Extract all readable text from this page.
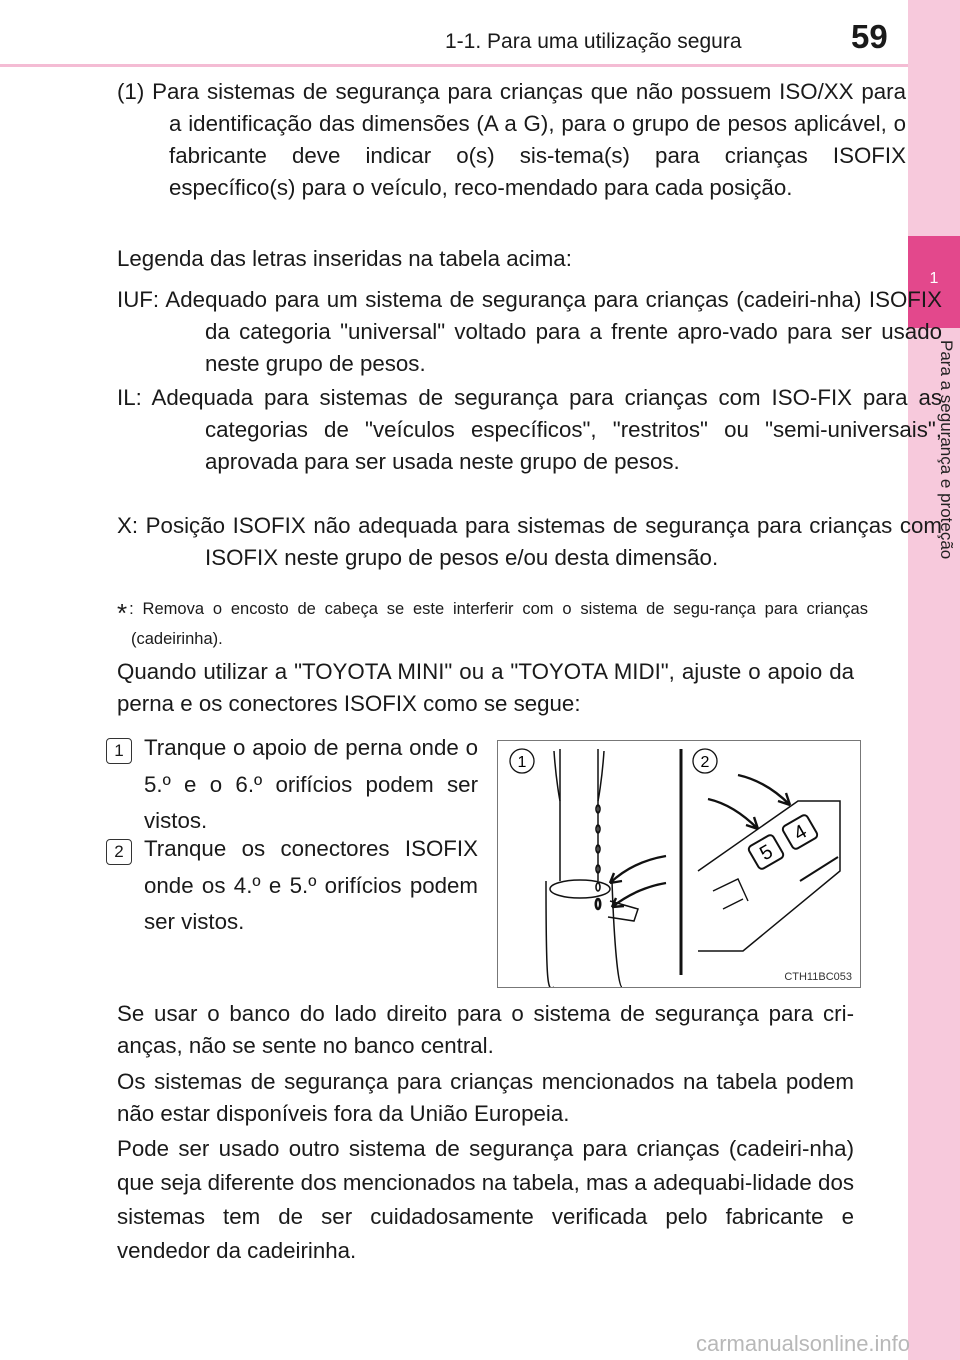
1-1. Para uma utilização segura	59
1
Para a segurança e proteção
(1) Para sistemas de segurança para crianças que não possuem ISO/XX para a identificação das dimensões (A a G), para o grupo de pesos aplicável, o fabricante deve indicar o(s) sis-tema(s) para crianças ISOFIX específico(s) para o veículo, reco-mendado para cada posição.
Legenda das letras inseridas na tabela acima:
IUF: Adequado para um sistema de segurança para crianças (cadeiri-nha) ISOFIX da categoria "universal" voltado para a frente apro-vado para ser usado neste grupo de pesos.
IL: Adequada para sistemas de segurança para crianças com ISO-FIX para as categorias de "veículos específicos", "restritos" ou "semi-universais", aprovada para ser usada neste grupo de pesos.
X: Posição ISOFIX não adequada para sistemas de segurança para crianças com ISOFIX neste grupo de pesos e/ou desta dimensão.
* : Remova o encosto de cabeça se este interferir com o sistema de segu-rança para crianças (cadeirinha).
Quando utilizar a "TOYOTA MINI" ou a "TOYOTA MIDI", ajuste o apoio da perna e os conectores ISOFIX como se segue:
1 Tranque o apoio de perna onde o 5.º e o 6.º orifícios podem ser vistos.
2 Tranque os conectores ISOFIX onde os 4.º e 5.º orifícios podem ser vistos.
1	2
5
4
CTH11BC053
Se usar o banco do lado direito para o sistema de segurança para cri-anças, não se sente no banco central.
Os sistemas de segurança para crianças mencionados na tabela podem não estar disponíveis fora da União Europeia.
Pode ser usado outro sistema de segurança para crianças (cadeiri-nha) que seja diferente dos mencionados na tabela, mas a adequabi-lidade dos sistemas tem de ser cuidadosamente verificada pelo fabricante e vendedor da cadeirinha.
carmanualsonline.info
